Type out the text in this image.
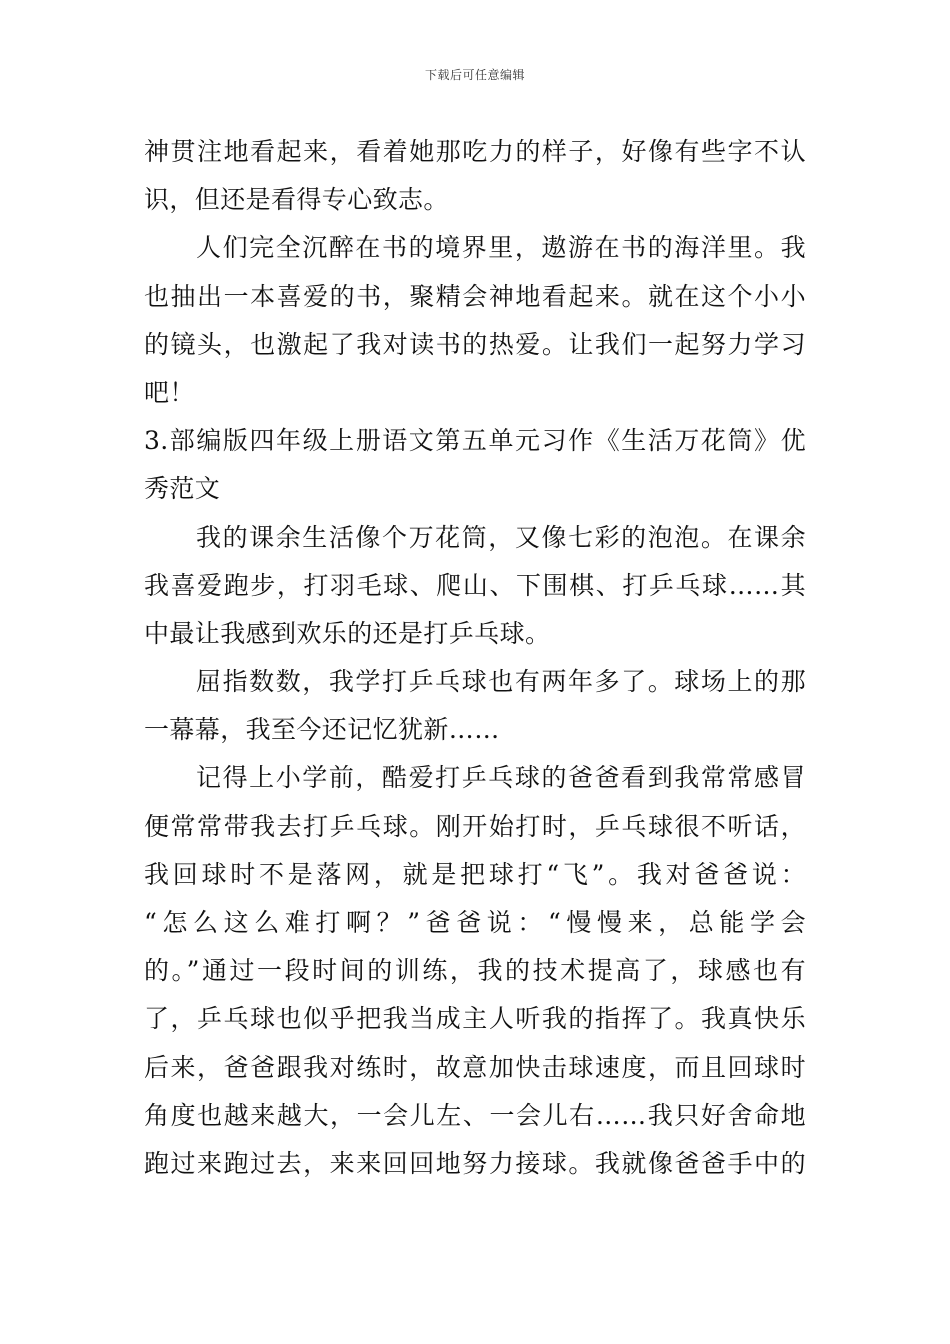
下载后可任意编辑
神贯注地看起来，看着她那吃力的样子，好像有些字不认
识，但还是看得专心致志。
人们完全沉醉在书的境界里，遨游在书的海洋里。我
也抽出一本喜爱的书，聚精会神地看起来。就在这个小小
的镜头，也激起了我对读书的热爱。让我们一起努力学习
吧！
3.部编版四年级上册语文第五单元习作《生活万花筒》优
秀范文
我的课余生活像个万花筒，又像七彩的泡泡。在课余
我喜爱跑步，打羽毛球、爬山、下围棋、打乒乓球……其
中最让我感到欢乐的还是打乒乓球。
屈指数数，我学打乒乓球也有两年多了。球场上的那
一幕幕，我至今还记忆犹新……
记得上小学前，酷爱打乒乓球的爸爸看到我常常感冒
便常常带我去打乒乓球。刚开始打时，乒乓球很不听话，
我回球时不是落网，就是把球打“飞”。我对爸爸说：
“怎么这么难打啊？”爸爸说：“慢慢来，总能学会
的。”通过一段时间的训练，我的技术提高了，球感也有
了，乒乓球也似乎把我当成主人听我的指挥了。我真快乐
后来，爸爸跟我对练时，故意加快击球速度，而且回球时
角度也越来越大，一会儿左、一会儿右……我只好舍命地
跑过来跑过去，来来回回地努力接球。我就像爸爸手中的
